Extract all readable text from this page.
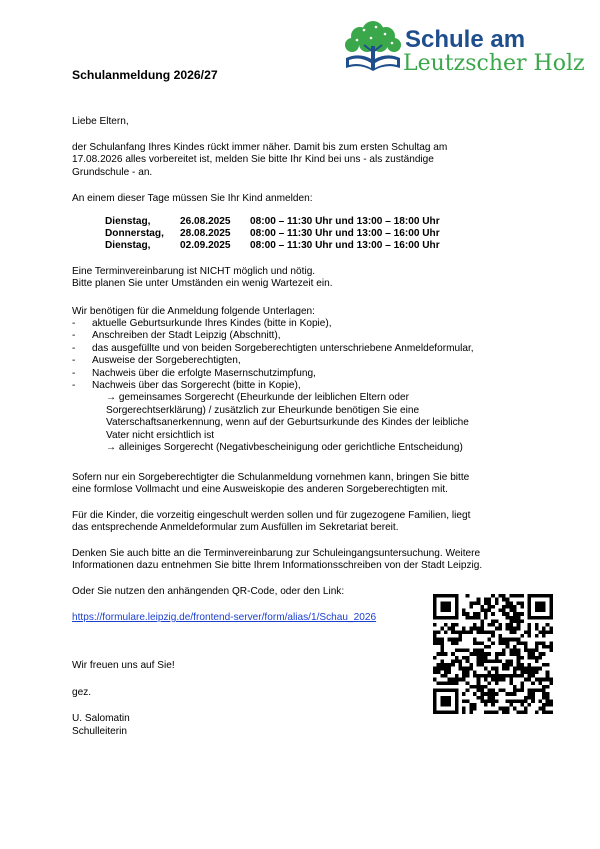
Schule am
Leutzscher Holz
Schulanmeldung 2026/27

Liebe Eltern,

der Schulanfang Ihres Kindes rückt immer näher. Damit bis zum ersten Schultag am

17.08.2026 alles vorbereitet ist, melden Sie bitte Ihr Kind bei uns - als zuständige

Grundschule - an.

An einem dieser Tage müssen Sie Ihr Kind anmelden:

Dienstag,	26.08.2025	08:00 – 11:30 Uhr und 13:00 – 18:00 Uhr
Donnerstag,	28.08.2025	08:00 – 11:30 Uhr und 13:00 – 16:00 Uhr
Dienstag,	02.09.2025	08:00 – 11:30 Uhr und 13:00 – 16:00 Uhr

Eine Terminvereinbarung ist NICHT möglich und nötig.

Bitte planen Sie unter Umständen ein wenig Wartezeit ein.

Wir benötigen für die Anmeldung folgende Unterlagen:

- aktuelle Geburtsurkunde Ihres Kindes (bitte in Kopie),
- Anschreiben der Stadt Leipzig (Abschnitt),
- das ausgefüllte und von beiden Sorgeberechtigten unterschriebene Anmeldeformular,
- Ausweise der Sorgeberechtigten,
- Nachweis über die erfolgte Masernschutzimpfung,
- Nachweis über das Sorgerecht (bitte in Kopie),
→ gemeinsames Sorgerecht (Eheurkunde der leiblichen Eltern oder
Sorgerechtserklärung) / zusätzlich zur Eheurkunde benötigen Sie eine
Vaterschaftsanerkennung, wenn auf der Geburtsurkunde des Kindes der leibliche
Vater nicht ersichtlich ist
→ alleiniges Sorgerecht (Negativbescheinigung oder gerichtliche Entscheidung)

Sofern nur ein Sorgeberechtigter die Schulanmeldung vornehmen kann, bringen Sie bitte

eine formlose Vollmacht und eine Ausweiskopie des anderen Sorgeberechtigten mit.

Für die Kinder, die vorzeitig eingeschult werden sollen und für zugezogene Familien, liegt

das entsprechende Anmeldeformular zum Ausfüllen im Sekretariat bereit.

Denken Sie auch bitte an die Terminvereinbarung zur Schuleingangsuntersuchung. Weitere

Informationen dazu entnehmen Sie bitte Ihrem Informationsschreiben von der Stadt Leipzig.

Oder Sie nutzen den anhängenden QR-Code, oder den Link:

https://formulare.leipzig.de/frontend-server/form/alias/1/Schau_2026

Wir freuen uns auf Sie!

gez.

U. Salomatin

Schulleiterin
